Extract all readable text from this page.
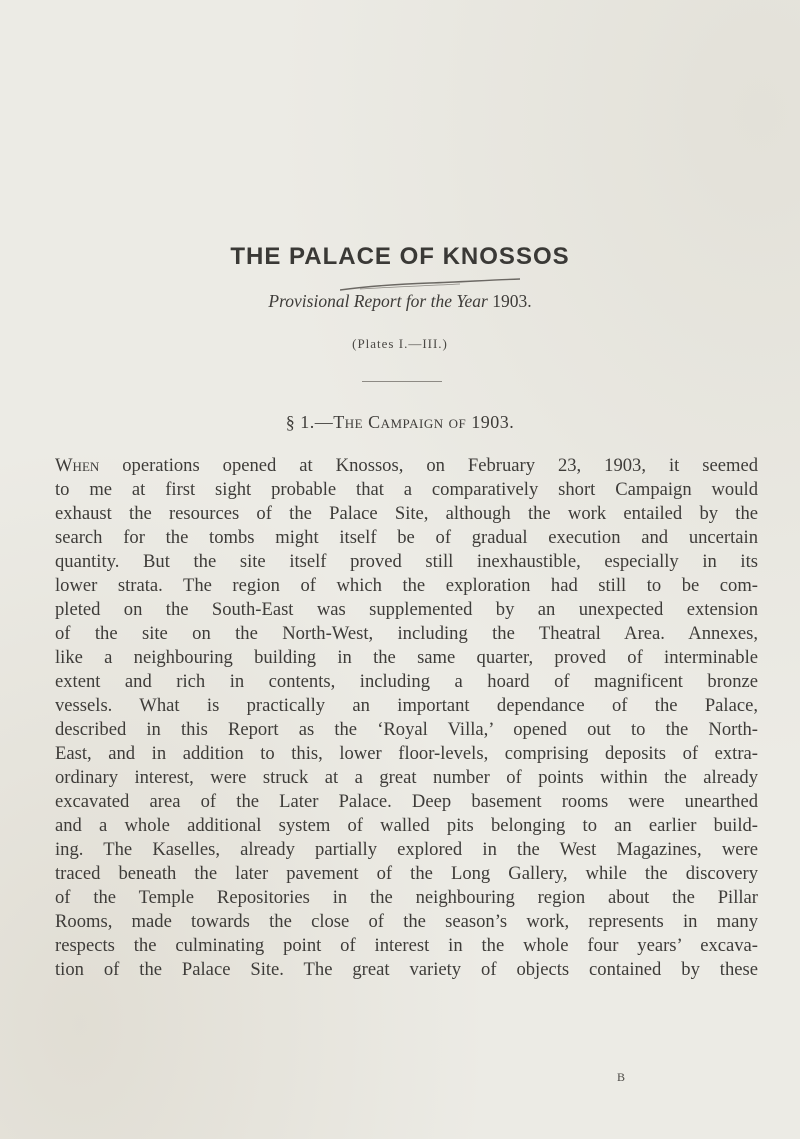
THE PALACE OF KNOSSOS
Provisional Report for the Year 1903.
(Plates I.—III.)
§ 1.—The Campaign of 1903.
When operations opened at Knossos, on February 23, 1903, it seemed
to me at first sight probable that a comparatively short Campaign would
exhaust the resources of the Palace Site, although the work entailed by the
search for the tombs might itself be of gradual execution and uncertain
quantity. But the site itself proved still inexhaustible, especially in its
lower strata. The region of which the exploration had still to be com-
pleted on the South-East was supplemented by an unexpected extension
of the site on the North-West, including the Theatral Area. Annexes,
like a neighbouring building in the same quarter, proved of interminable
extent and rich in contents, including a hoard of magnificent bronze
vessels. What is practically an important dependance of the Palace,
described in this Report as the ‘Royal Villa,’ opened out to the North-
East, and in addition to this, lower floor-levels, comprising deposits of extra-
ordinary interest, were struck at a great number of points within the already
excavated area of the Later Palace. Deep basement rooms were unearthed
and a whole additional system of walled pits belonging to an earlier build-
ing. The Kaselles, already partially explored in the West Magazines, were
traced beneath the later pavement of the Long Gallery, while the discovery
of the Temple Repositories in the neighbouring region about the Pillar
Rooms, made towards the close of the season’s work, represents in many
respects the culminating point of interest in the whole four years’ excava-
tion of the Palace Site. The great variety of objects contained by these
B
